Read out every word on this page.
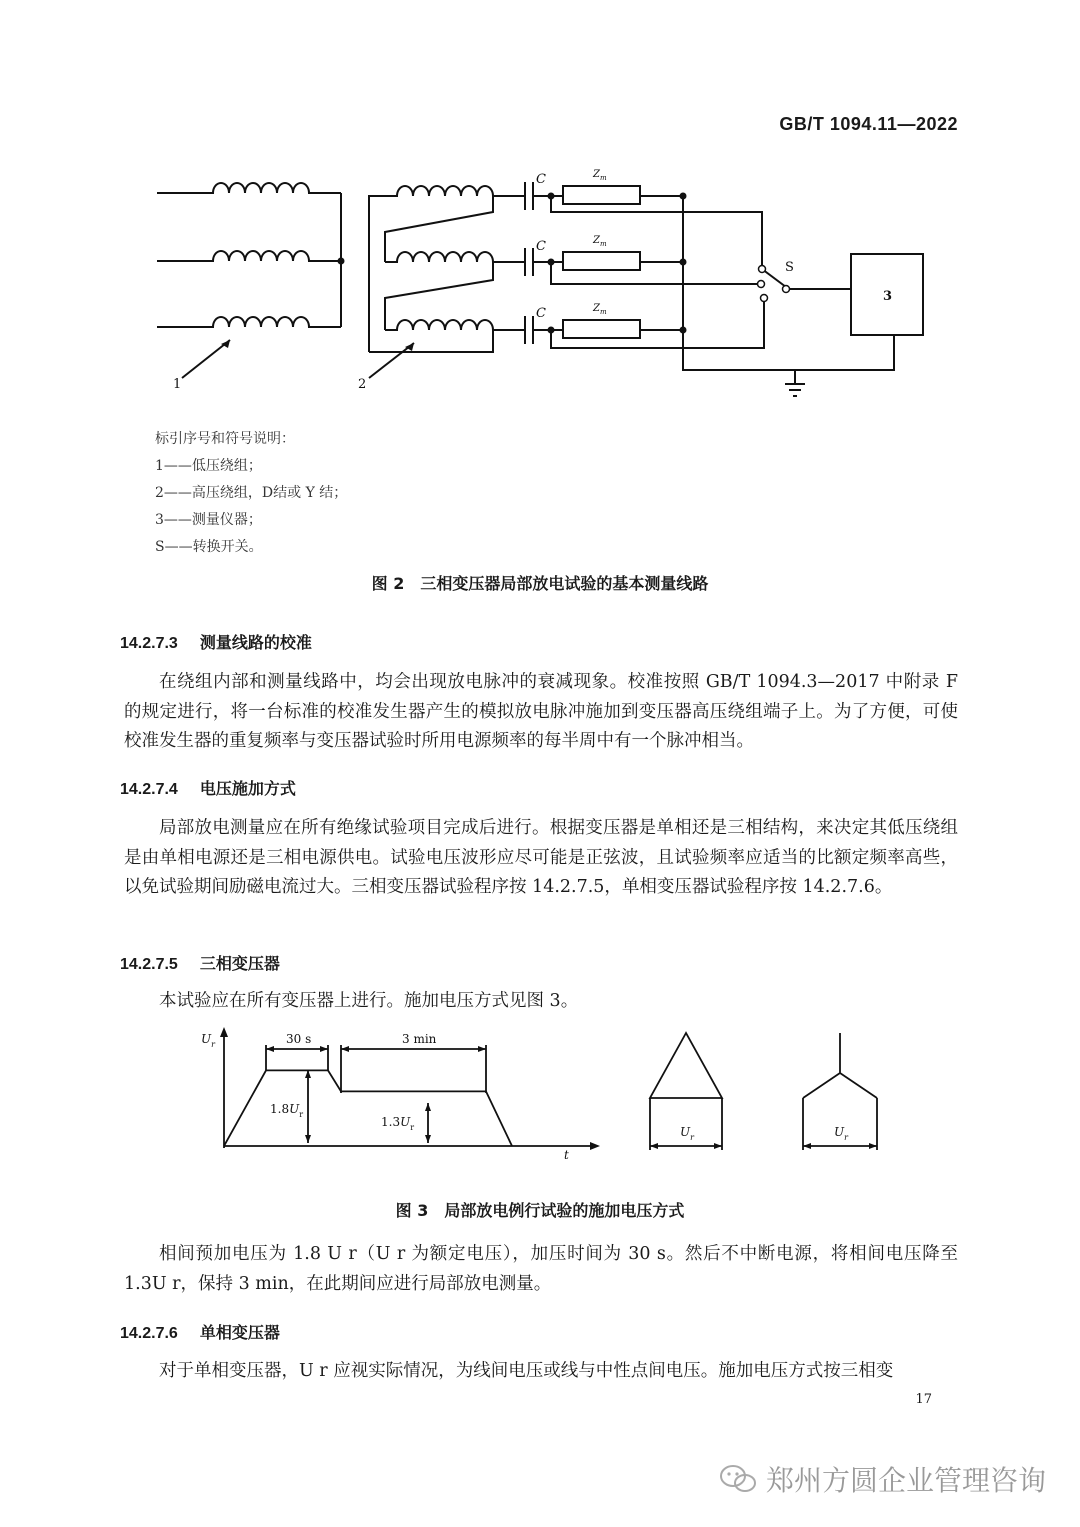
GB/T 1094.11—2022
C
C
C
$Z_m$
$Z_m$
$Z_m$
S
3
1	2
标引序号和符号说明：
1——低压绕组；
2——高压绕组，D结或 Y 结；
3——测量仪器；
S——转换开关。
图 2　三相变压器局部放电试验的基本测量线路
14.2.7.3 测量线路的校准

在绕组内部和测量线路中，均会出现放电脉冲的衰减现象。校准按照 GB/T 1094.3—2017 中附录 F 的规定进行，将一台标准的校准发生器产生的模拟放电脉冲施加到变压器高压绕组端子上。为了方便，可使校准发生器的重复频率与变压器试验时所用电源频率的每半周中有一个脉冲相当。

14.2.7.4 电压施加方式

局部放电测量应在所有绝缘试验项目完成后进行。根据变压器是单相还是三相结构，来决定其低压绕组是由单相电源还是三相电源供电。试验电压波形应尽可能是正弦波，且试验频率应适当的比额定频率高些，以免试验期间励磁电流过大。三相变压器试验程序按 14.2.7.5，单相变压器试验程序按 14.2.7.6。

14.2.7.5 三相变压器

本试验应在所有变压器上进行。施加电压方式见图 3。

$U_r$
t
30 s	3 min
$1.8U_r$
$1.3U_r$	$U_r$	$U_r$
图 3　局部放电例行试验的施加电压方式

相间预加电压为 1.8 U r（U r 为额定电压），加压时间为 30 s。然后不中断电源，将相间电压降至 1.3U r，保持 3 min，在此期间应进行局部放电测量。

14.2.7.6 单相变压器

对于单相变压器，U r 应视实际情况，为线间电压或线与中性点间电压。施加电压方式按三相变

17
郑州方圆企业管理咨询
